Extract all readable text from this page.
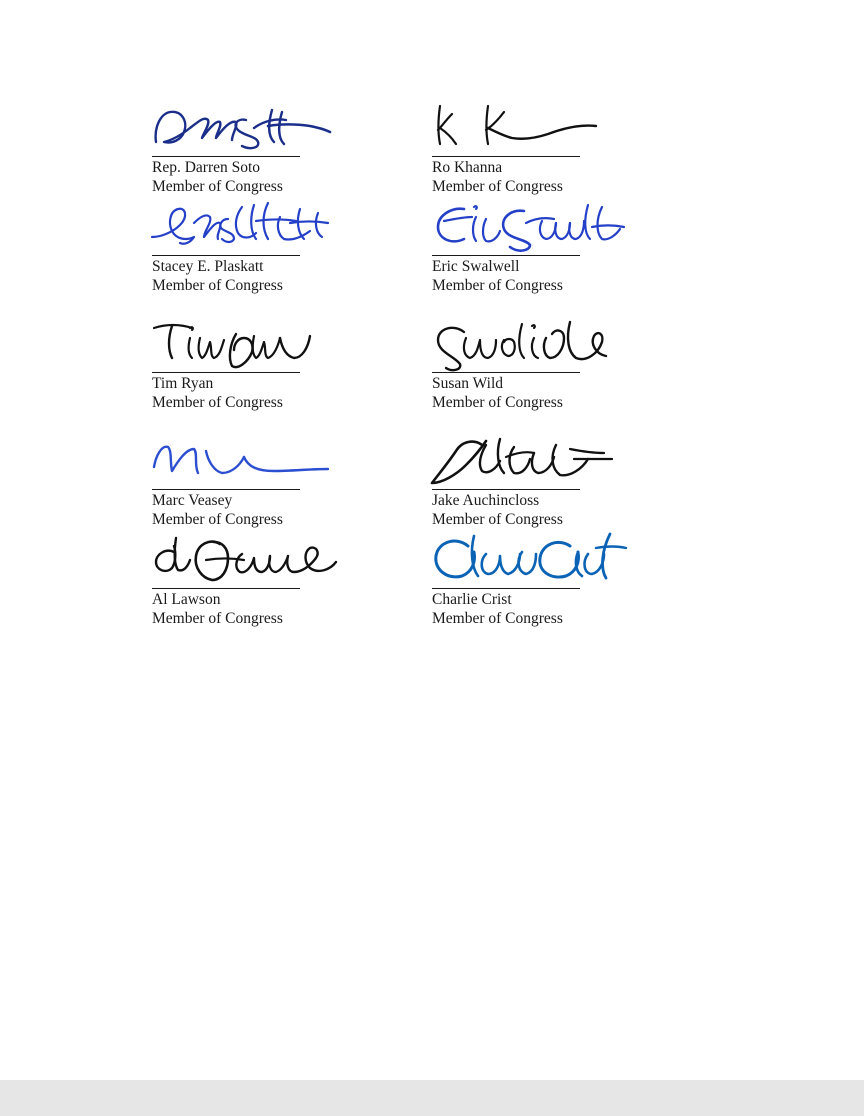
Rep. Darren Soto
Member of Congress
Ro Khanna
Member of Congress
Stacey E. Plaskatt
Member of Congress
Eric Swalwell
Member of Congress
Tim Ryan
Member of Congress
Susan Wild
Member of Congress
Marc Veasey
Member of Congress
Jake Auchincloss
Member of Congress
Al Lawson
Member of Congress
Charlie Crist
Member of Congress
